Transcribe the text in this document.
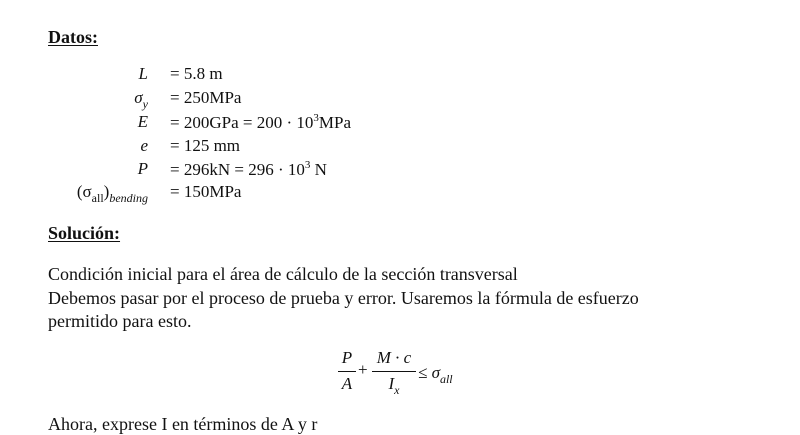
Datos:
L = 5.8 m
$\sigma_y = 250MPa$
$E = 200GPa = 200 \cdot 10^3MPa$
e = 125 mm
$P = 296kN = 296 \cdot 10^3$ N
$(\sigma_{all})_{bending} = 150MPa$
Solución:
Condición inicial para el área de cálculo de la sección transversal
Debemos pasar por el proceso de prueba y error. Usaremos la fórmula de esfuerzo
permitido para esto.
P
A
+
M · c
$I_x$
≤ $\sigma_{all}$
Ahora, exprese I en términos de A y r
